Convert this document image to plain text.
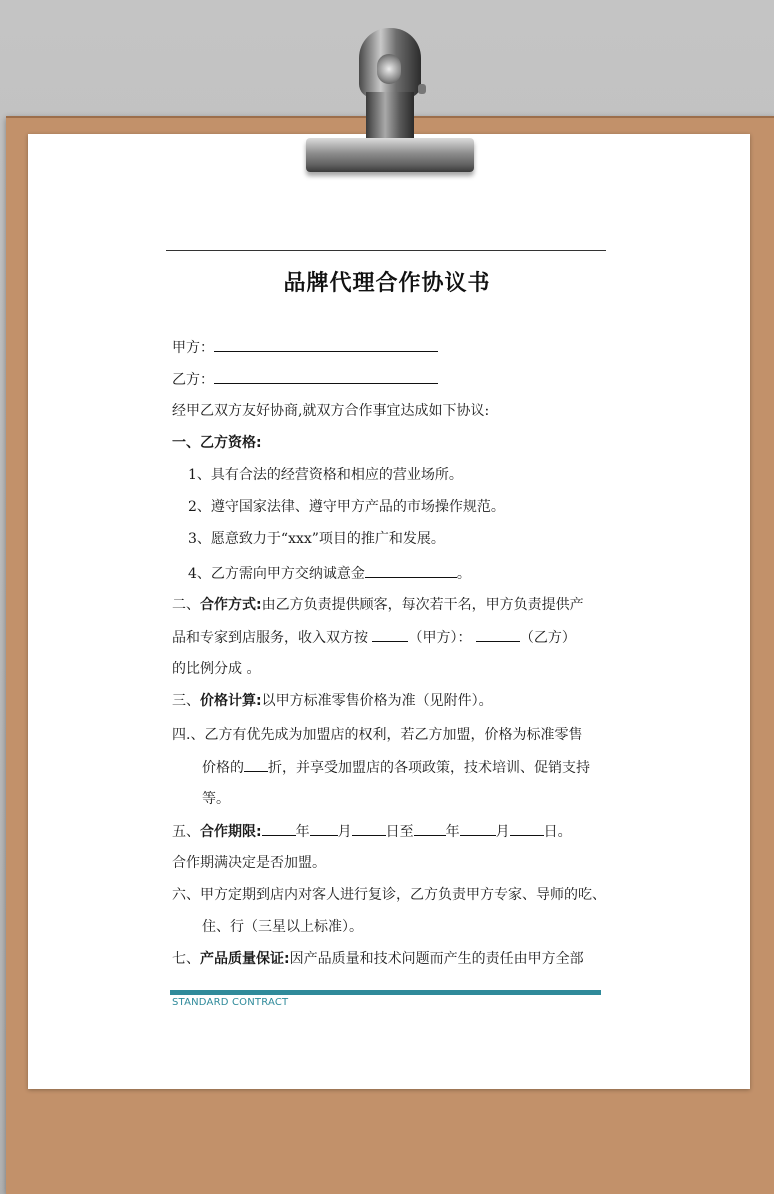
品牌代理合作协议书
甲方：
乙方：
经甲乙双方友好协商,就双方合作事宜达成如下协议:
一、乙方资格:
1、具有合法的经营资格和相应的营业场所。
2、遵守国家法律、遵守甲方产品的市场操作规范。
3、愿意致力于“xxx”项目的推广和发展。
4、乙方需向甲方交纳诚意金	。
二、合作方式:由乙方负责提供顾客，每次若干名，甲方负责提供产
品和专家到店服务，收入双方按	（甲方）：	（乙方）
的比例分成 。
三、价格计算:以甲方标准零售价格为准（见附件）。
四.、乙方有优先成为加盟店的权利，若乙方加盟，价格为标准零售
价格的 折，并享受加盟店的各项政策，技术培训、促销支持
等。
五、合作期限: 年 月 日至 年	月 日。
合作期满决定是否加盟。
六、甲方定期到店内对客人进行复诊，乙方负责甲方专家、导师的吃、
住、行（三星以上标准）。
七、产品质量保证:因产品质量和技术问题而产生的责任由甲方全部
STANDARD CONTRACT
